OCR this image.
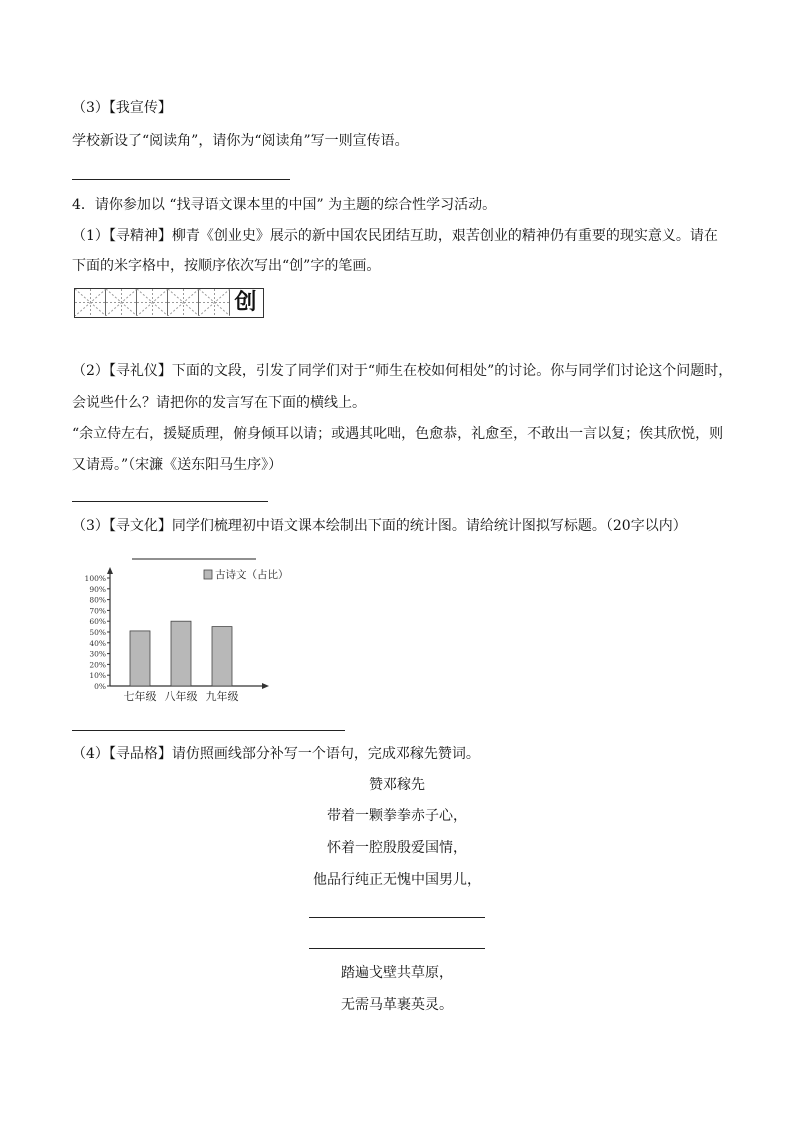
（3）【我宣传】
学校新设了“阅读角”，请你为“阅读角”写一则宣传语。
4．请你参加以 “找寻语文课本里的中国” 为主题的综合性学习活动。
（1）【寻精神】柳青《创业史》展示的新中国农民团结互助，艰苦创业的精神仍有重要的现实意义。请在
下面的米字格中，按顺序依次写出“创”字的笔画。
创
（2）【寻礼仪】下面的文段，引发了同学们对于“师生在校如何相处”的讨论。你与同学们讨论这个问题时，
会说些什么？请把你的发言写在下面的横线上。
“余立侍左右，援疑质理，俯身倾耳以请；或遇其叱咄，色愈恭，礼愈至，不敢出一言以复；俟其欣悦，则
又请焉。”（宋濂《送东阳马生序》）
（3）【寻文化】同学们梳理初中语文课本绘制出下面的统计图。请给统计图拟写标题。（20字以内）
100%
90%
80%
70%
60%
50%
40%
30%
20%
10%
0%
七年级 八年级 九年级
古诗文（占比）
（4）【寻品格】请仿照画线部分补写一个语句，完成邓稼先赞词。
赞邓稼先
带着一颗拳拳赤子心，
怀着一腔殷殷爱国情，
他品行纯正无愧中国男儿，
踏遍戈壁共草原，
无需马革裹英灵。
